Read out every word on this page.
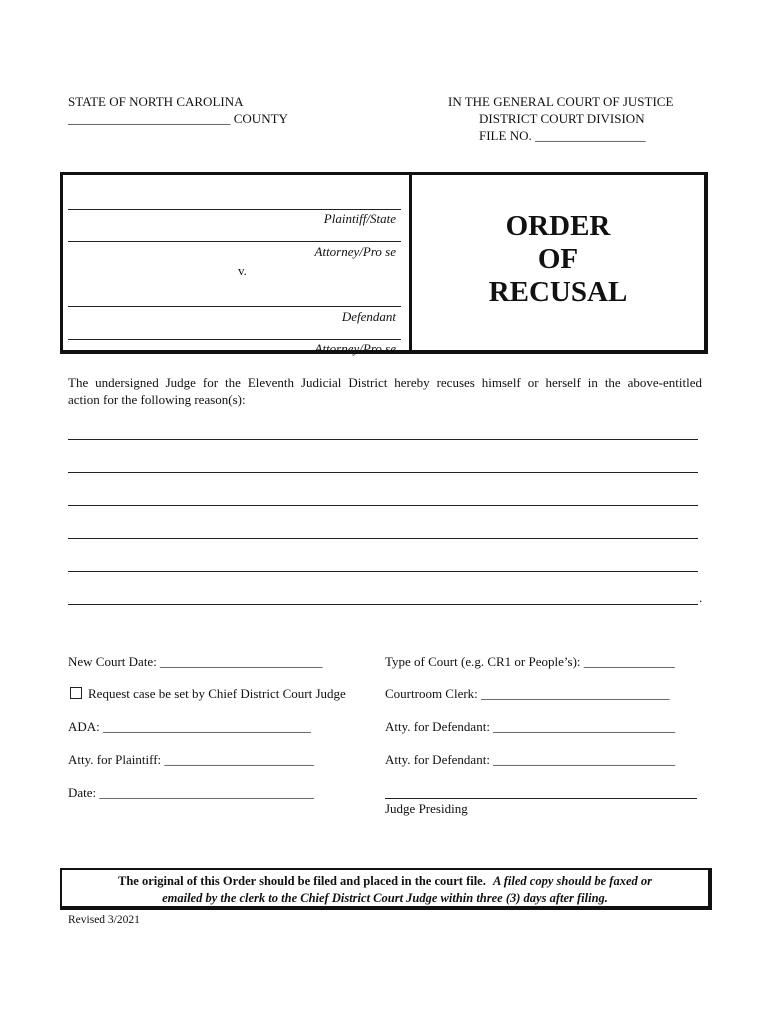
STATE OF NORTH CAROLINA
_________________________ COUNTY
IN THE GENERAL COURT OF JUSTICE
DISTRICT COURT DIVISION
FILE NO. _________________
Plaintiff/State
Attorney/Pro se
v.
Defendant
Attorney/Pro se
ORDER
OF
RECUSAL
The undersigned Judge for the Eleventh Judicial District hereby recuses himself or herself in the above-entitled
action for the following reason(s):
.
New Court Date: _________________________
Request case be set by Chief District Court Judge
ADA: ________________________________
Atty. for Plaintiff: _______________________
Date: _________________________________
Type of Court (e.g. CR1 or People’s): ______________
Courtroom Clerk: _____________________________
Atty. for Defendant: ____________________________
Atty. for Defendant: ____________________________
Judge Presiding
The original of this Order should be filed and placed in the court file. A filed copy should be faxed or
emailed by the clerk to the Chief District Court Judge within three (3) days after filing.
Revised 3/2021
